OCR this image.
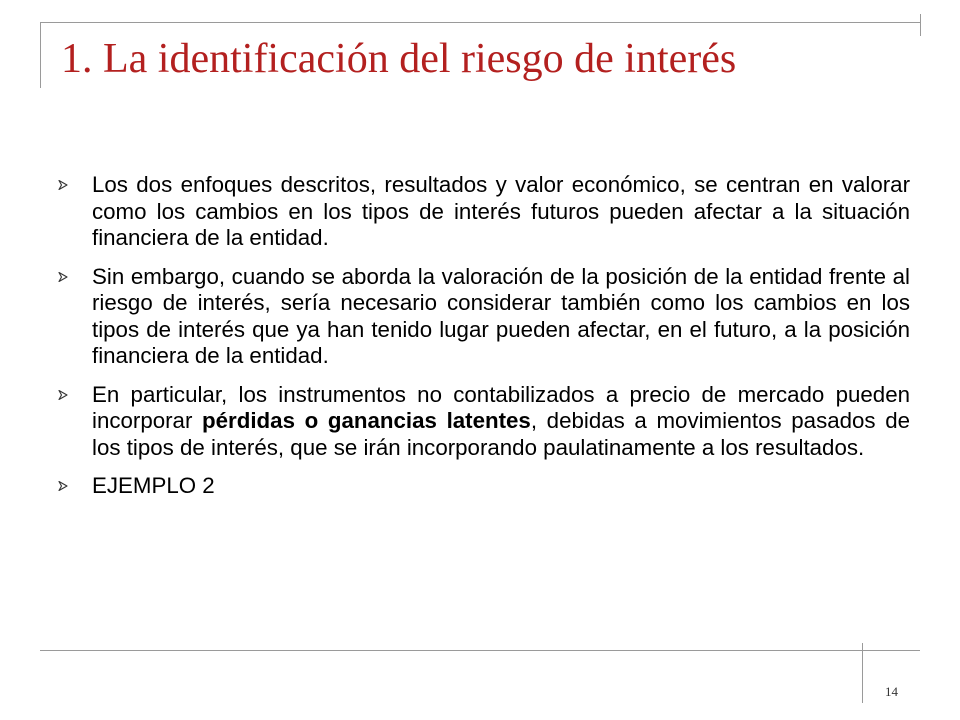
1. La identificación del riesgo de interés
Los dos enfoques descritos, resultados y valor económico, se centran en valorar como los cambios en los tipos de interés futuros pueden afectar a la situación financiera de la entidad.
Sin embargo, cuando se aborda la valoración de la posición de la entidad frente al riesgo de interés, sería necesario considerar también como los cambios en los tipos de interés que ya han tenido lugar pueden afectar, en el futuro, a la posición financiera de la entidad.
En particular, los instrumentos no contabilizados a precio de mercado pueden incorporar pérdidas o ganancias latentes, debidas a movimientos pasados de los tipos de interés, que se irán incorporando paulatinamente a los resultados.
EJEMPLO 2
14
